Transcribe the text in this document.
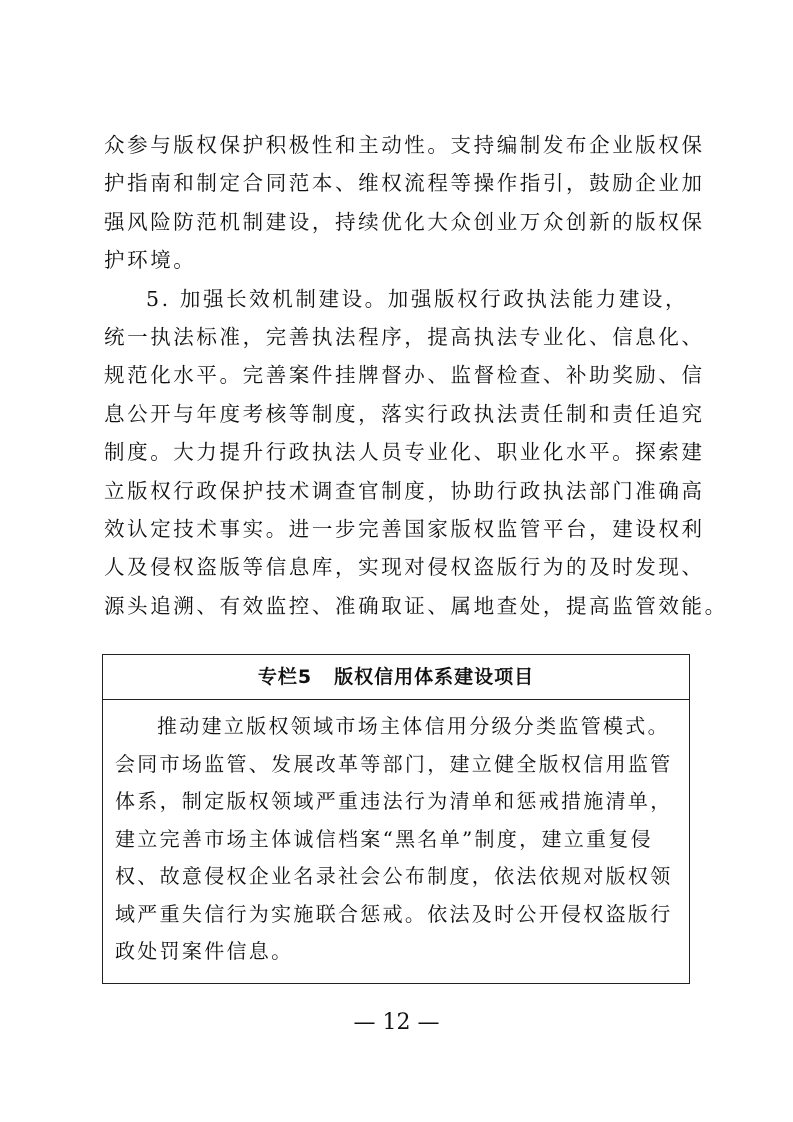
众参与版权保护积极性和主动性。支持编制发布企业版权保
护指南和制定合同范本、维权流程等操作指引，鼓励企业加
强风险防范机制建设，持续优化大众创业万众创新的版权保
护环境。
5. 加强长效机制建设。加强版权行政执法能力建设，
统一执法标准，完善执法程序，提高执法专业化、信息化、
规范化水平。完善案件挂牌督办、监督检查、补助奖励、信
息公开与年度考核等制度，落实行政执法责任制和责任追究
制度。大力提升行政执法人员专业化、职业化水平。探索建
立版权行政保护技术调查官制度，协助行政执法部门准确高
效认定技术事实。进一步完善国家版权监管平台，建设权利
人及侵权盗版等信息库，实现对侵权盗版行为的及时发现、
源头追溯、有效监控、准确取证、属地查处，提高监管效能。
专栏5 版权信用体系建设项目
推动建立版权领域市场主体信用分级分类监管模式。
会同市场监管、发展改革等部门，建立健全版权信用监管
体系，制定版权领域严重违法行为清单和惩戒措施清单，
建立完善市场主体诚信档案“黑名单”制度，建立重复侵
权、故意侵权企业名录社会公布制度，依法依规对版权领
域严重失信行为实施联合惩戒。依法及时公开侵权盗版行
政处罚案件信息。
— 12 —
